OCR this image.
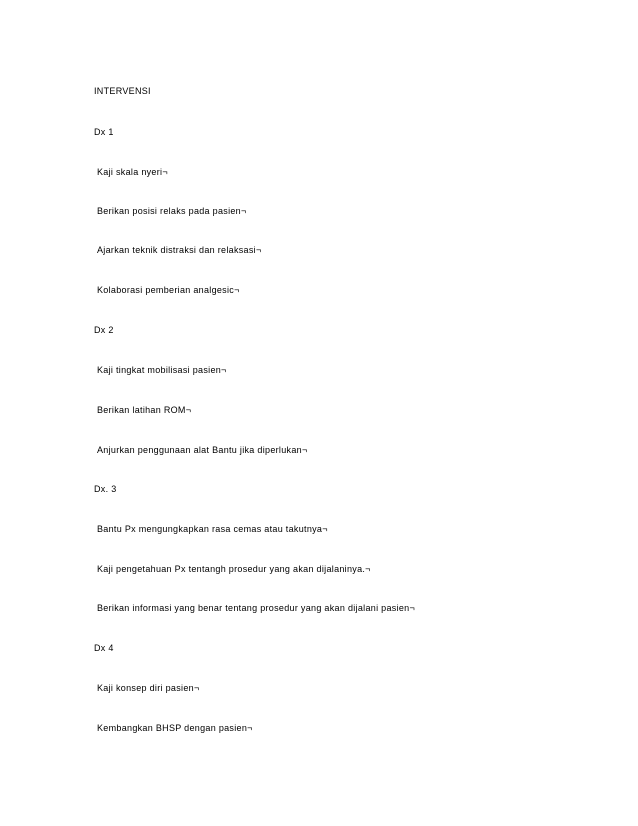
INTERVENSI
Dx 1
Kaji skala nyeri¬
Berikan posisi relaks pada pasien¬
Ajarkan teknik distraksi dan relaksasi¬
Kolaborasi pemberian analgesic¬
Dx 2
Kaji tingkat mobilisasi pasien¬
Berikan latihan ROM¬
Anjurkan penggunaan alat Bantu jika diperlukan¬
Dx. 3
Bantu Px mengungkapkan rasa cemas atau takutnya¬
Kaji pengetahuan Px tentangh prosedur yang akan dijalaninya.¬
Berikan informasi yang benar tentang prosedur yang akan dijalani pasien¬
Dx 4
Kaji konsep diri pasien¬
Kembangkan BHSP dengan pasien¬
